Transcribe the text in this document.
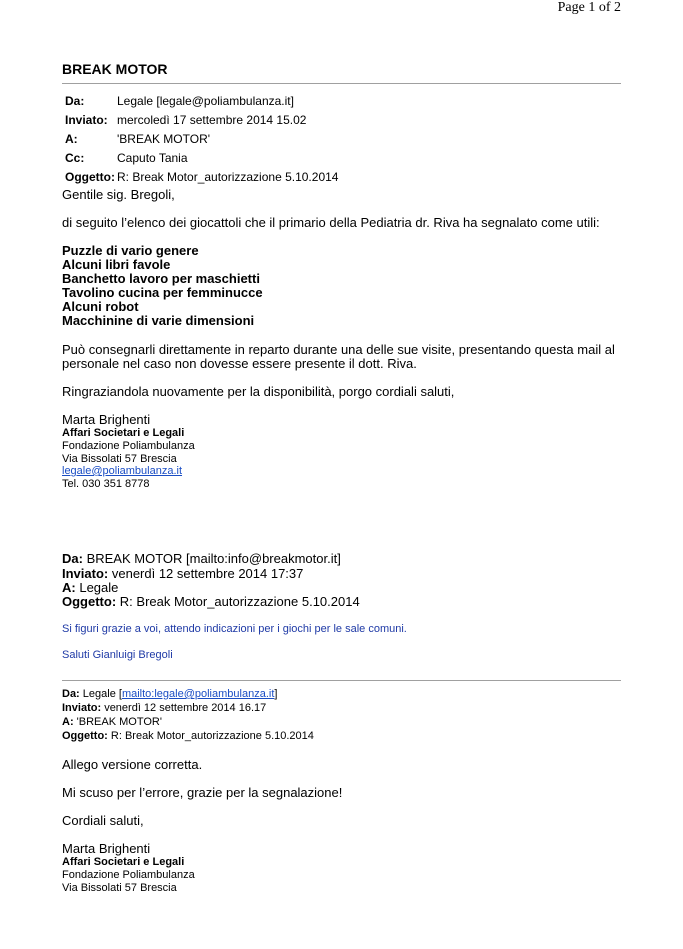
Page 1 of 2
BREAK MOTOR
Da:	Legale [legale@poliambulanza.it]
Inviato: mercoledì 17 settembre 2014 15.02
A:	'BREAK MOTOR'
Cc:	Caputo Tania
Oggetto: R: Break Motor_autorizzazione 5.10.2014
Gentile sig. Bregoli,
di seguito l’elenco dei giocattoli che il primario della Pediatria dr. Riva ha segnalato come utili:
Puzzle di vario genere
Alcuni libri favole
Banchetto lavoro per maschietti
Tavolino cucina per femminucce
Alcuni robot
Macchinine di varie dimensioni
Può consegnarli direttamente in reparto durante una delle sue visite, presentando questa mail al
personale nel caso non dovesse essere presente il dott. Riva.
Ringraziandola nuovamente per la disponibilità, porgo cordiali saluti,
Marta Brighenti
Affari Societari e Legali
Fondazione Poliambulanza
Via Bissolati 57 Brescia
legale@poliambulanza.it
Tel. 030 351 8778
Da: BREAK MOTOR [mailto:info@breakmotor.it]
Inviato: venerdì 12 settembre 2014 17:37
A: Legale
Oggetto: R: Break Motor_autorizzazione 5.10.2014
Si figuri grazie a voi, attendo indicazioni per i giochi per le sale comuni.
Saluti Gianluigi Bregoli
Da: Legale [mailto:legale@poliambulanza.it]
Inviato: venerdì 12 settembre 2014 16.17
A: 'BREAK MOTOR'
Oggetto: R: Break Motor_autorizzazione 5.10.2014
Allego versione corretta.
Mi scuso per l’errore, grazie per la segnalazione!
Cordiali saluti,
Marta Brighenti
Affari Societari e Legali
Fondazione Poliambulanza
Via Bissolati 57 Brescia
